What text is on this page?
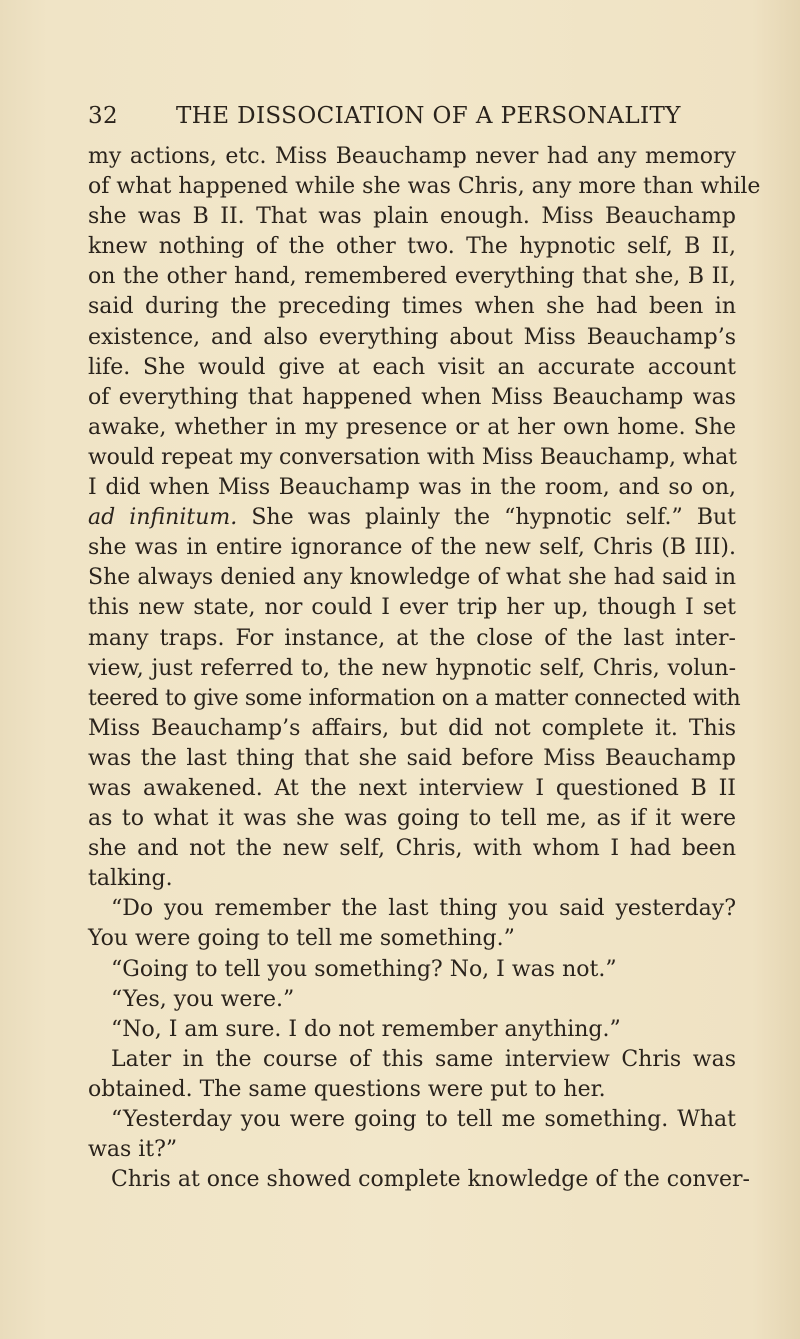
32	THE DISSOCIATION OF A PERSONALITY
my actions, etc. Miss Beauchamp never had any memory
of what happened while she was Chris, any more than while
she was B II. That was plain enough. Miss Beauchamp
knew nothing of the other two. The hypnotic self, B II,
on the other hand, remembered everything that she, B II,
said during the preceding times when she had been in
existence, and also everything about Miss Beauchamp’s
life. She would give at each visit an accurate account
of everything that happened when Miss Beauchamp was
awake, whether in my presence or at her own home. She
would repeat my conversation with Miss Beauchamp, what
I did when Miss Beauchamp was in the room, and so on,
ad infinitum. She was plainly the “hypnotic self.” But
she was in entire ignorance of the new self, Chris (B III).
She always denied any knowledge of what she had said in
this new state, nor could I ever trip her up, though I set
many traps. For instance, at the close of the last inter-
view, just referred to, the new hypnotic self, Chris, volun-
teered to give some information on a matter connected with
Miss Beauchamp’s affairs, but did not complete it. This
was the last thing that she said before Miss Beauchamp
was awakened. At the next interview I questioned B II
as to what it was she was going to tell me, as if it were
she and not the new self, Chris, with whom I had been
talking.
“Do you remember the last thing you said yesterday?
You were going to tell me something.”
“Going to tell you something? No, I was not.”
“Yes, you were.”
“No, I am sure. I do not remember anything.”
Later in the course of this same interview Chris was
obtained. The same questions were put to her.
“Yesterday you were going to tell me something. What
was it?”
Chris at once showed complete knowledge of the conver-
